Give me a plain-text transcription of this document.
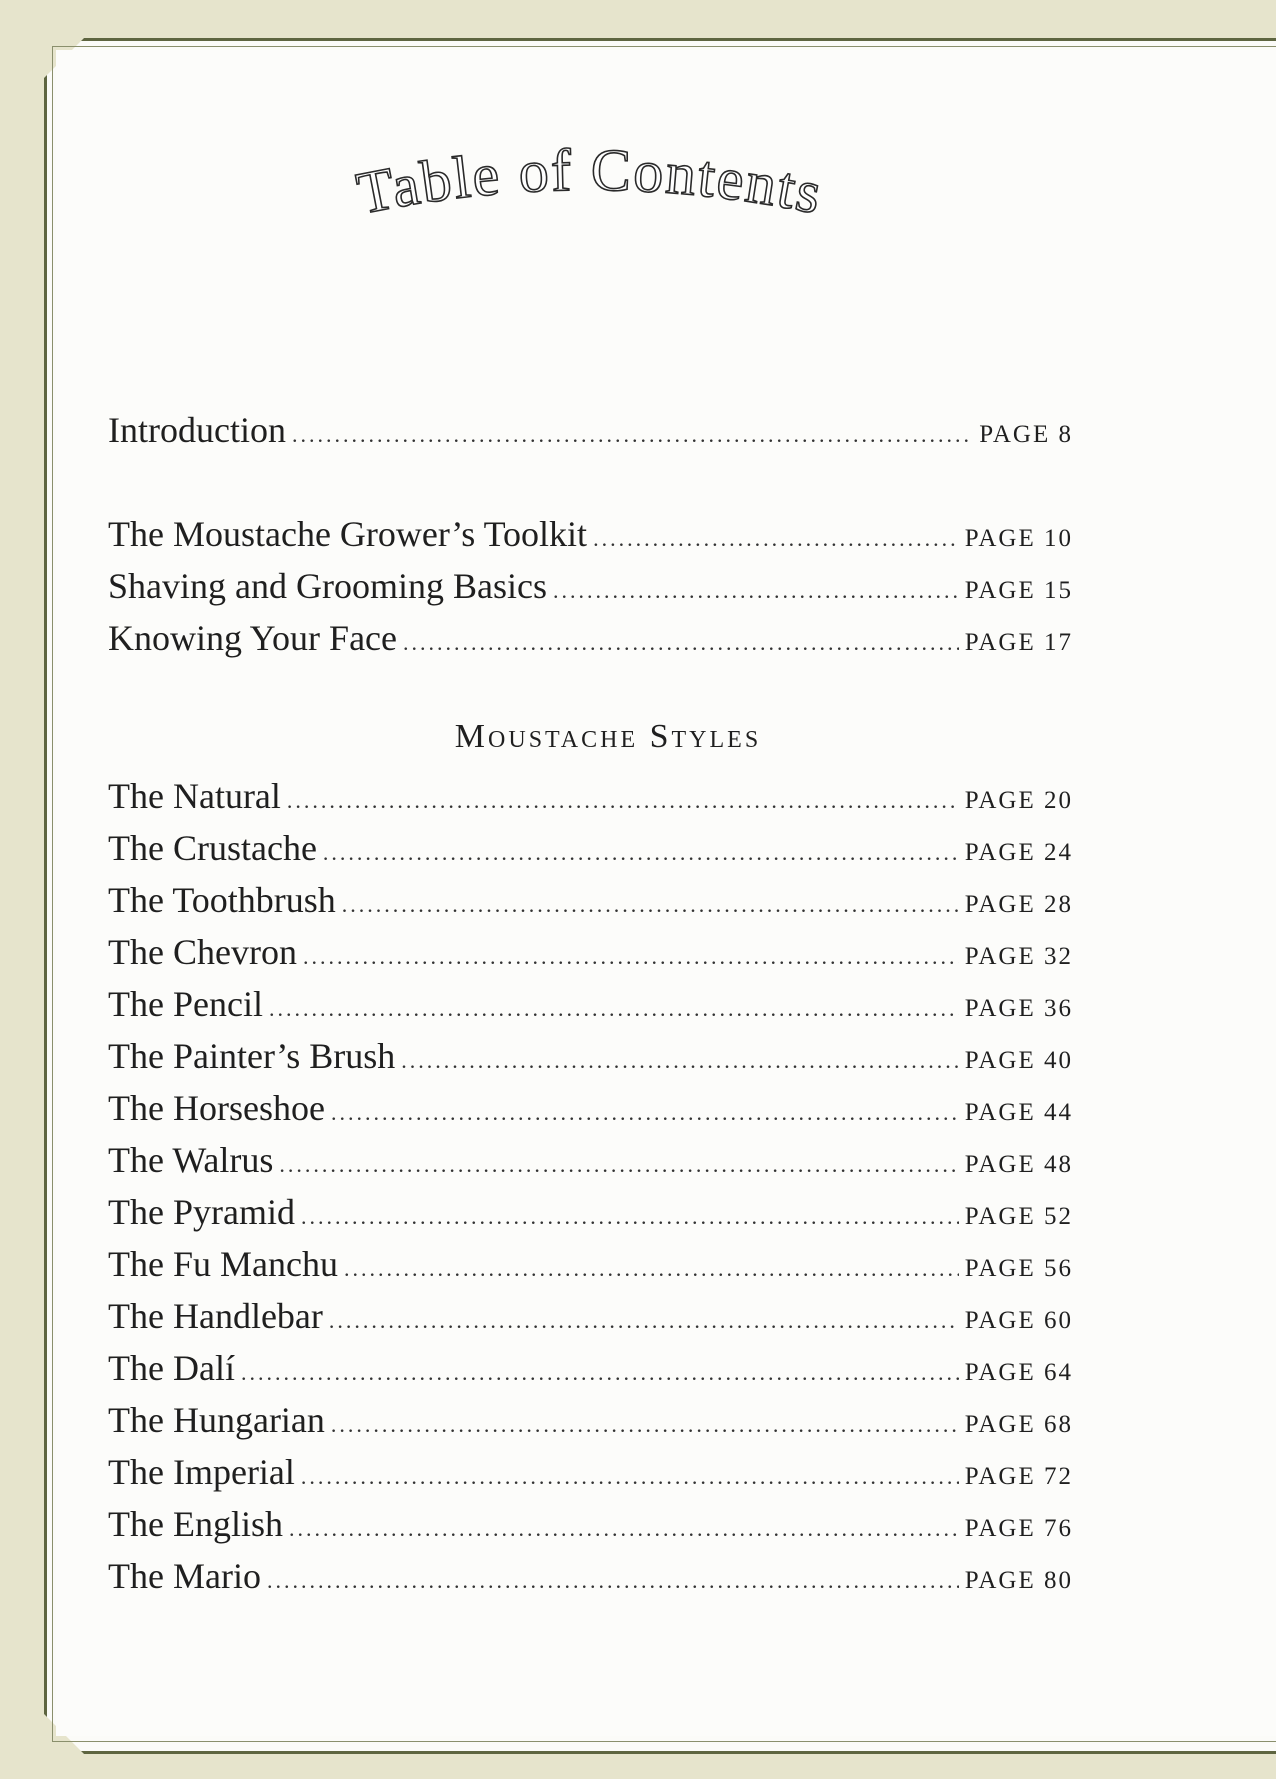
Table of Contents
Introduction .....	PAGE 8
The Moustache Grower’s Toolkit .....	PAGE 10
Shaving and Grooming Basics .....	PAGE 15
Knowing Your Face .....	PAGE 17
Moustache Styles
The Natural .....	PAGE 20
The Crustache .....	PAGE 24
The Toothbrush .....	PAGE 28
The Chevron .....	PAGE 32
The Pencil .....	PAGE 36
The Painter’s Brush .....	PAGE 40
The Horseshoe .....	PAGE 44
The Walrus .....	PAGE 48
The Pyramid .....	PAGE 52
The Fu Manchu .....	PAGE 56
The Handlebar .....	PAGE 60
The Dalí .....	PAGE 64
The Hungarian .....	PAGE 68
The Imperial .....	PAGE 72
The English .....	PAGE 76
The Mario .....	PAGE 80
